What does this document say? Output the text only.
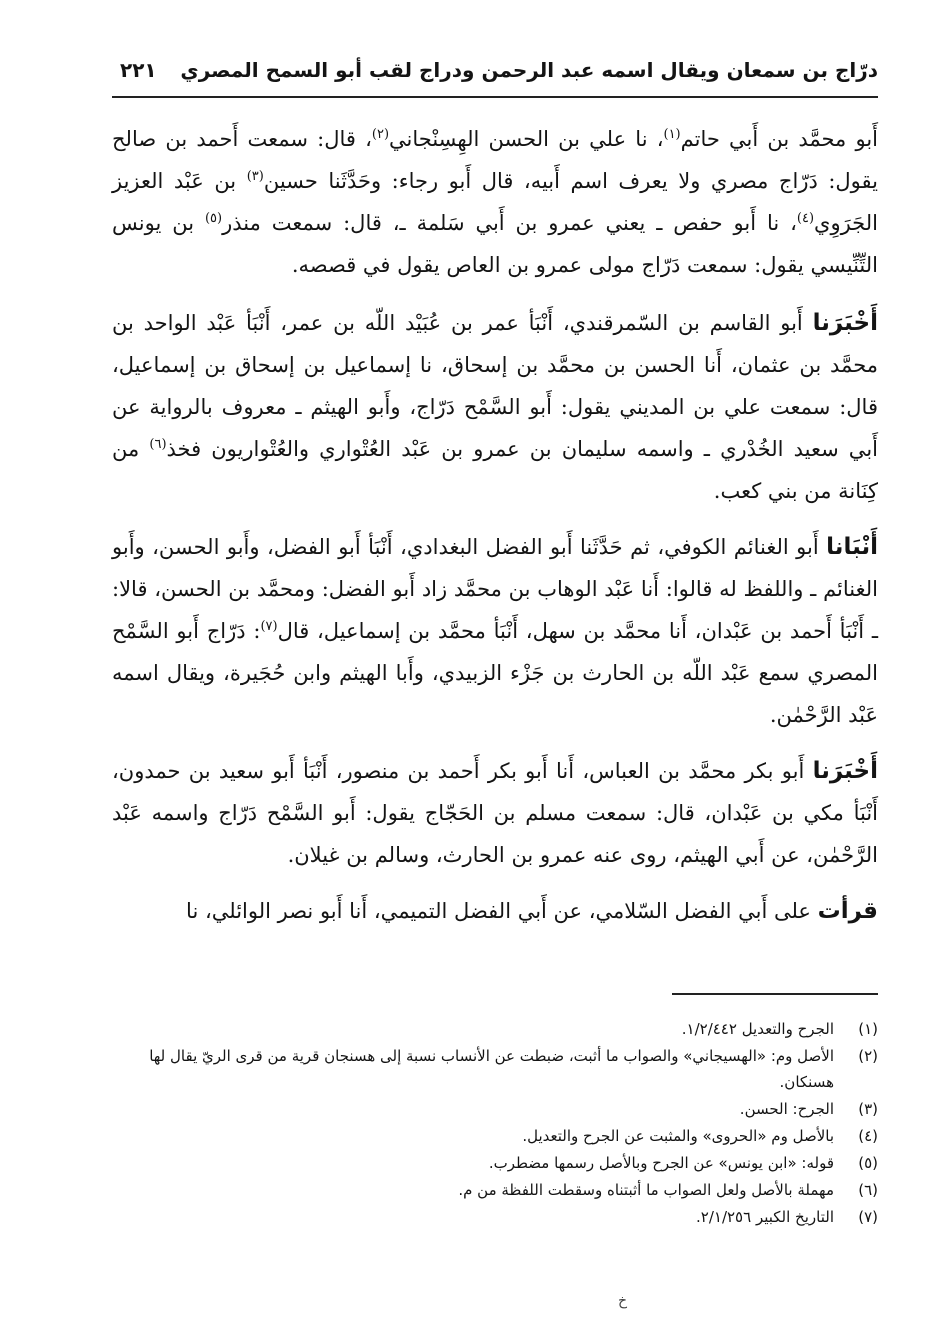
درّاج بن سمعان ويقال اسمه عبد الرحمن ودراج لقب أبو السمح المصري
٢٢١

أَبو محمَّد بن أَبي حاتم$^{(١)}$، نا علي بن الحسن الهِسِنْجاني$^{(٢)}$، قال: سمعت أَحمد بن صالح يقول: دَرّاج مصري ولا يعرف اسم أَبيه، قال أَبو رجاء: وحَدَّثَنا حسين$^{(٣)}$ بن عَبْد العزيز الجَرَوِي$^{(٤)}$، نا أَبو حفص ـ يعني عمرو بن أَبي سَلمة ـ، قال: سمعت منذر$^{(٥)}$ بن يونس التِّنِّيسي يقول: سمعت دَرّاج مولى عمرو بن العاص يقول في قصصه.

أَخْبَرَنا أَبو القاسم بن السّمرقندي، أَنْبَأ عمر بن عُبَيْد اللّه بن عمر، أَنْبَأ عَبْد الواحد بن محمَّد بن عثمان، أَنا الحسن بن محمَّد بن إسحاق، نا إسماعيل بن إسحاق بن إسماعيل، قال: سمعت علي بن المديني يقول: أَبو السَّمْح دَرّاج، وأَبو الهيثم ـ معروف بالرواية عن أَبي سعيد الخُدْري ـ واسمه سليمان بن عمرو بن عَبْد العُتْواري والعُتْواريون فخذ$^{(٦)}$ من كِنَانة من بني كعب.

أَنْبَانا أَبو الغنائم الكوفي، ثم حَدَّثَنا أَبو الفضل البغدادي، أَنْبَأ أَبو الفضل، وأَبو الحسن، وأَبو الغنائم ـ واللفظ له قالوا: أَنا عَبْد الوهاب بن محمَّد زاد أَبو الفضل: ومحمَّد بن الحسن، قالا: ـ أَنْبَأ أَحمد بن عَبْدان، أَنا محمَّد بن سهل، أَنْبَأ محمَّد بن إسماعيل، قال$^{(٧)}$: دَرّاج أَبو السَّمْح المصري سمع عَبْد اللّه بن الحارث بن جَزْء الزبيدي، وأَبا الهيثم وابن حُجَيرة، ويقال اسمه عَبْد الرَّحْمٰن.

أَخْبَرَنا أَبو بكر محمَّد بن العباس، أَنا أَبو بكر أَحمد بن منصور، أَنْبَأ أَبو سعيد بن حمدون، أَنْبَأ مكي بن عَبْدان، قال: سمعت مسلم بن الحَجّاج يقول: أَبو السَّمْح دَرّاج واسمه عَبْد الرَّحْمٰن، عن أَبي الهيثم، روى عنه عمرو بن الحارث، وسالم بن غيلان.

قرأت على أَبي الفضل السّلامي، عن أَبي الفضل التميمي، أَنا أَبو نصر الوائلي، نا

(١)
الجرح والتعديل ١/٢/٤٤٢.
(٢)
الأصل وم: «الهسيجاني» والصواب ما أثبت، ضبطت عن الأنساب نسبة إلى هسنجان قرية من قرى الريّ يقال لها هسنكان.
(٣)
الجرح: الحسن.
(٤)
بالأصل وم «الحروى» والمثبت عن الجرح والتعديل.
(٥)
قوله: «ابن يونس» عن الجرح وبالأصل رسمها مضطرب.
(٦)
مهملة بالأصل ولعل الصواب ما أثبتناه وسقطت اللفظة من م.
(٧)
التاريخ الكبير ٢/١/٢٥٦.
خ
